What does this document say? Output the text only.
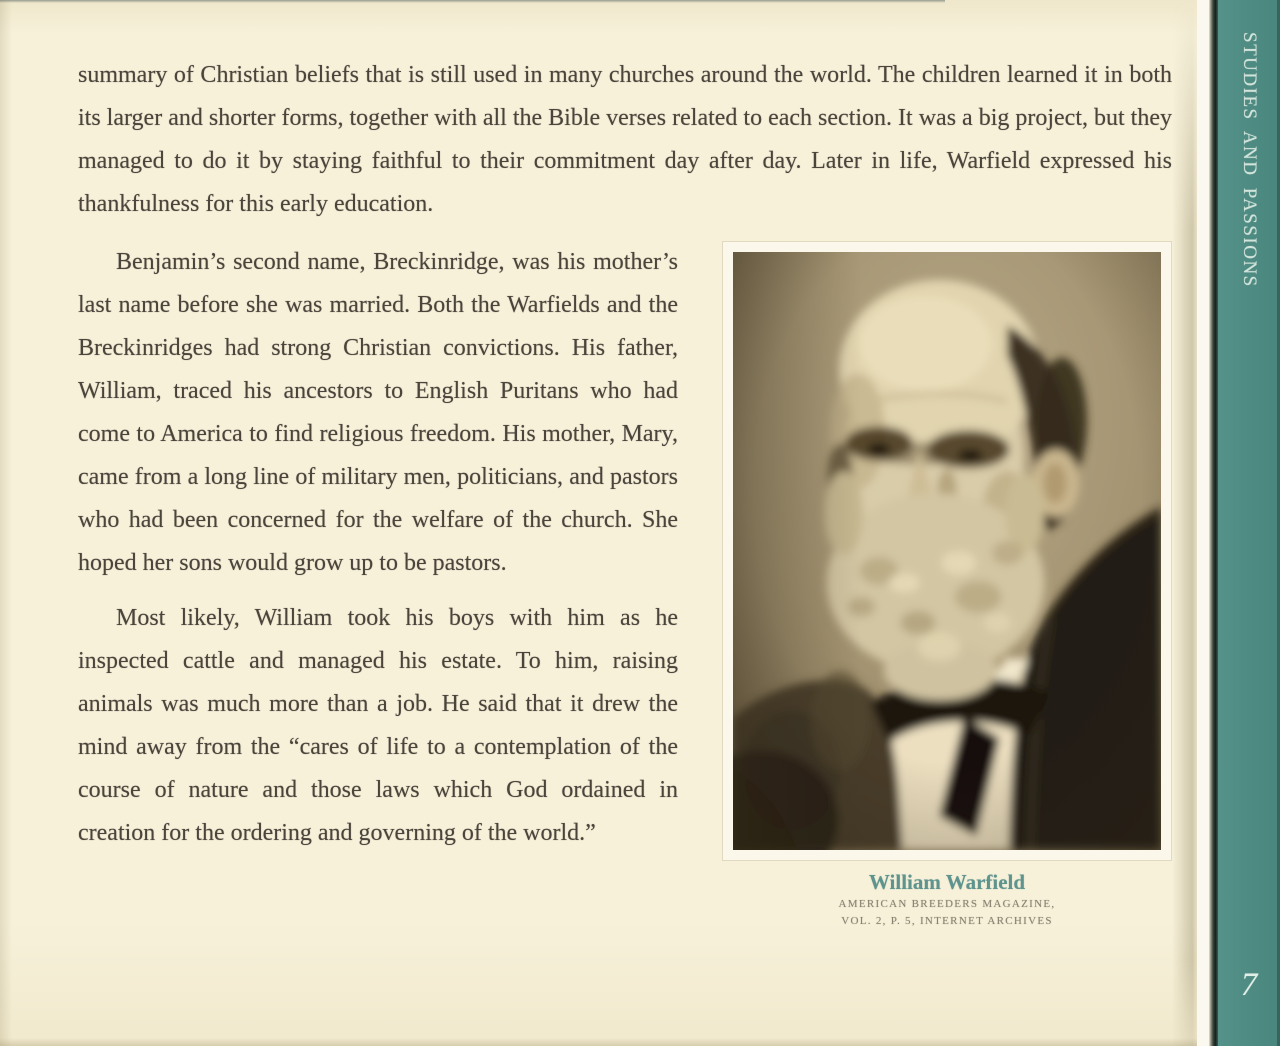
summary of Christian beliefs that is still used in many churches around the world. The children learned it in both its larger and shorter forms, together with all the Bible verses related to each section. It was a big project, but they managed to do it by staying faithful to their commitment day after day. Later in life, Warfield expressed his thankfulness for this early education.

Benjamin’s second name, Breckinridge, was his mother’s last name before she was married. Both the Warfields and the Breckinridges had strong Christian convictions. His father, William, traced his ancestors to English Puritans who had come to America to find religious freedom. His mother, Mary, came from a long line of military men, politicians, and pastors who had been concerned for the welfare of the church. She hoped her sons would grow up to be pastors.

Most likely, William took his boys with him as he inspected cattle and managed his estate. To him, raising animals was much more than a job. He said that it drew the mind away from the “cares of life to a contemplation of the course of nature and those laws which God ordained in creation for the ordering and governing of the world.”

William Warfield
AMERICAN BREEDERS MAGAZINE,
VOL. 2, P. 5, INTERNET ARCHIVES
STUDIES AND PASSIONS
7
